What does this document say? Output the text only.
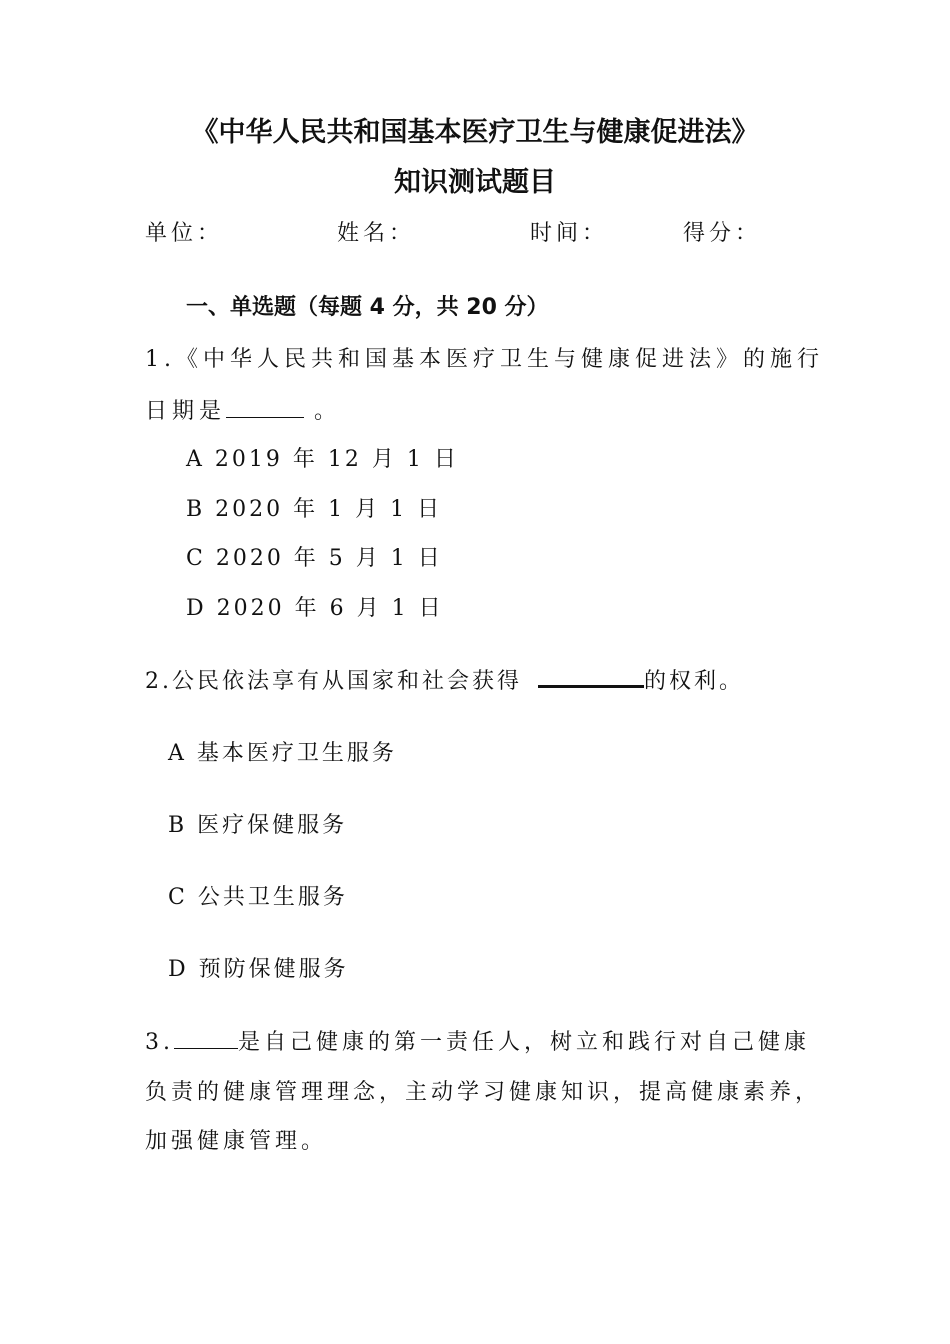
《中华人民共和国基本医疗卫生与健康促进法》
知识测试题目
单位：	姓名：	时间：	得分：
一、单选题（每题 4 分，共 20 分）
1.《中华人民共和国基本医疗卫生与健康促进法》的施行
日期是	。
A 2019 年 12 月 1 日
B 2020 年 1 月 1 日
C 2020 年 5 月 1 日
D 2020 年 6 月 1 日
2.公民依法享有从国家和社会获得	的权利。
A 基本医疗卫生服务
B 医疗保健服务
C 公共卫生服务
D 预防保健服务
3.	是自己健康的第一责任人，树立和践行对自己健康
负责的健康管理理念，主动学习健康知识，提高健康素养，
加强健康管理。
